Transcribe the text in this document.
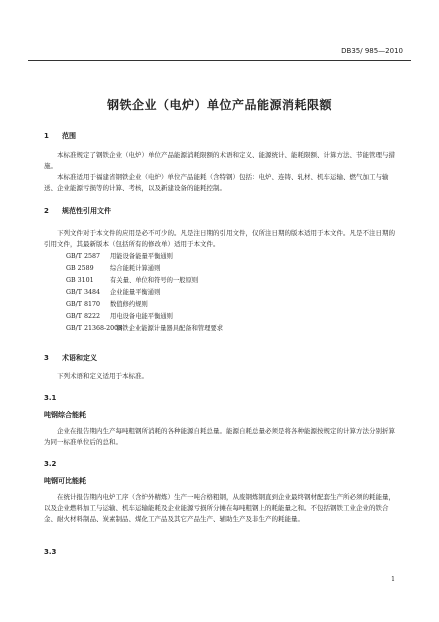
DB35/ 985—2010
钢铁企业（电炉）单位产品能源消耗限额
1 范围
本标准规定了钢铁企业（电炉）单位产品能源消耗限额的术语和定义、能源统计、能耗限额、计算方法、节能管理与措施。
本标准适用于福建省钢铁企业（电炉）单位产品能耗（含特钢）包括：电炉、连铸、轧材、机车运输、燃气加工与输送、企业能源亏损等的计算、考核，以及新建设备的能耗控制。
2 规范性引用文件
下列文件对于本文件的应用是必不可少的。凡是注日期的引用文件，仅所注日期的版本适用于本文件。凡是不注日期的引用文件，其最新版本（包括所有的修改单）适用于本文件。
GB/T 2587 用能设备能量平衡通则
GB 2589	综合能耗计算通则
GB 3101	有关量、单位和符号的一般原则
GB/T 3484 企业能量平衡通则
GB/T 8170 数值修约规则
GB/T 8222 用电设备电能平衡通则
GB/T 21368-2008钢铁企业能源计量器具配备和管理要求
3 术语和定义
下列术语和定义适用于本标准。
3.1
吨钢综合能耗
企业在报告期内生产每吨粗钢所消耗的各种能源自耗总量。能源自耗总量必须是将各种能源按规定的计算方法分别折算为同一标准单位后的总和。
3.2
吨钢可比能耗
在统计报告期内电炉工序（含炉外精炼）生产一吨合格粗钢，从废钢炼钢直到企业最终钢材配套生产所必须的耗能量，以及企业燃料加工与运输、机车运输能耗及企业能源亏损所分摊在每吨粗钢上的耗能量之和。不包括钢铁工业企业的铁合金、耐火材料制品、炭素制品、煤化工产品及其它产品生产、辅助生产及非生产的耗能量。
3.3
1
